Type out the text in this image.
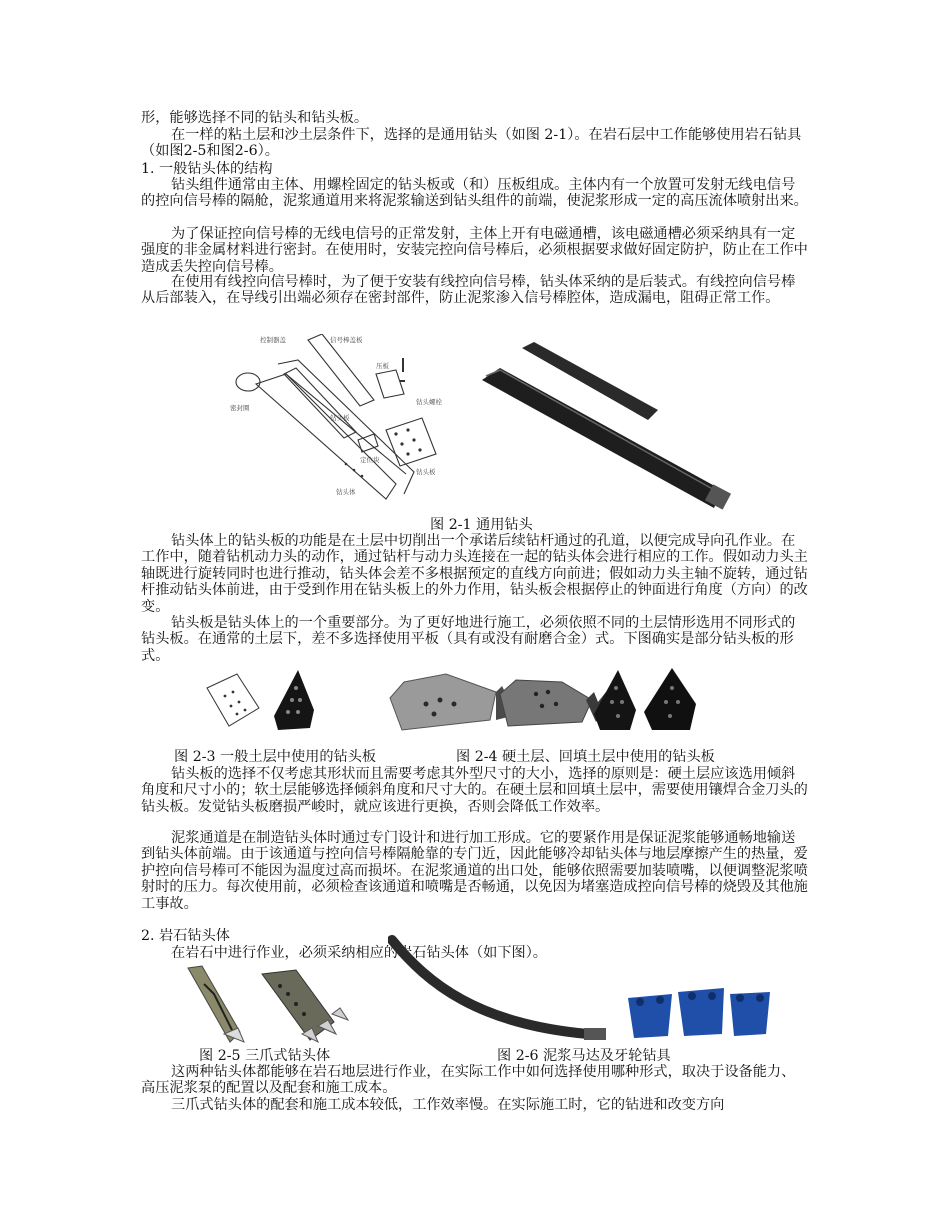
形，能够选择不同的钻头和钻头板。

在一样的粘土层和沙土层条件下，选择的是通用钻头（如图 2-1）。在岩石层中工作能够使用岩石钻具（如图2-5和图2-6）。

1. 一般钻头体的结构

钻头组件通常由主体、用螺栓固定的钻头板或（和）压板组成。主体内有一个放置可发射无线电信号的控向信号棒的隔舱，泥浆通道用来将泥浆输送到钻头组件的前端，使泥浆形成一定的高压流体喷射出来。

为了保证控向信号棒的无线电信号的正常发射，主体上开有电磁通槽，该电磁通槽必须采纳具有一定强度的非金属材料进行密封。在使用时，安装完控向信号棒后，必须根据要求做好固定防护，防止在工作中造成丢失控向信号棒。

在使用有线控向信号棒时，为了便于安装有线控向信号棒，钻头体采纳的是后装式。有线控向信号棒从后部装入，在导线引出端必须存在密封部件，防止泥浆渗入信号棒腔体，造成漏电，阻碍正常工作。

控制器盖	信号棒盖板
压板
钻头板
密封圈
钻头体
钻头螺栓
定位块
钻头板
图 2-1 通用钻头

钻头体上的钻头板的功能是在土层中切削出一个承诺后续钻杆通过的孔道，以便完成导向孔作业。在工作中，随着钻机动力头的动作，通过钻杆与动力头连接在一起的钻头体会进行相应的工作。假如动力头主轴既进行旋转同时也进行推动，钻头体会差不多根据预定的直线方向前进；假如动力头主轴不旋转，通过钻杆推动钻头体前进，由于受到作用在钻头板上的外力作用，钻头板会根据停止的钟面进行角度（方向）的改变。

钻头板是钻头体上的一个重要部分。为了更好地进行施工，必须依照不同的土层情形选用不同形式的钻头板。在通常的土层下，差不多选择使用平板（具有或没有耐磨合金）式。下图确实是部分钻头板的形式。

图 2-3 一般土层中使用的钻头板	图 2-4 硬土层、回填土层中使用的钻头板

钻头板的选择不仅考虑其形状而且需要考虑其外型尺寸的大小，选择的原则是：硬土层应该选用倾斜角度和尺寸小的；软土层能够选择倾斜角度和尺寸大的。在硬土层和回填土层中，需要使用镶焊合金刀头的钻头板。发觉钻头板磨损严峻时，就应该进行更换，否则会降低工作效率。

泥浆通道是在制造钻头体时通过专门设计和进行加工形成。它的要紧作用是保证泥浆能够通畅地输送到钻头体前端。由于该通道与控向信号棒隔舱靠的专门近，因此能够冷却钻头体与地层摩擦产生的热量，爱护控向信号棒可不能因为温度过高而损坏。在泥浆通道的出口处，能够依照需要加装喷嘴，以便调整泥浆喷射时的压力。每次使用前，必须检查该通道和喷嘴是否畅通，以免因为堵塞造成控向信号棒的烧毁及其他施工事故。

2. 岩石钻头体

在岩石中进行作业，必须采纳相应的岩石钻头体（如下图）。

图 2-5 三爪式钻头体	图 2-6 泥浆马达及牙轮钻具

这两种钻头体都能够在岩石地层进行作业，在实际工作中如何选择使用哪种形式，取决于设备能力、高压泥浆泵的配置以及配套和施工成本。

三爪式钻头体的配套和施工成本较低，工作效率慢。在实际施工时，它的钻进和改变方向
